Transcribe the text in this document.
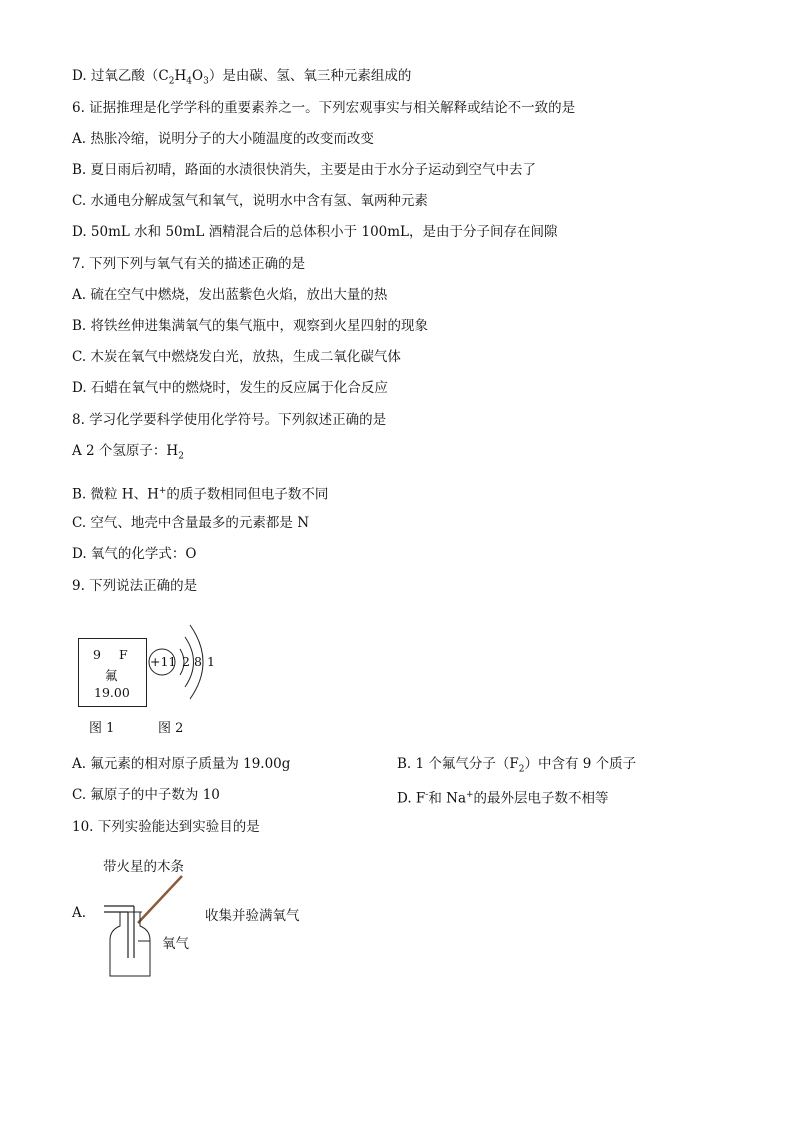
D. 过氧乙酸$(C_2H_4O_3)$是由碳、氢、氧三种元素组成的
6. 证据推理是化学学科的重要素养之一。下列宏观事实与相关解释或结论不一致的是
A. 热胀冷缩，说明分子的大小随温度的改变而改变
B. 夏日雨后初晴，路面的水渍很快消失，主要是由于水分子运动到空气中去了
C. 水通电分解成氢气和氧气，说明水中含有氢、氧两种元素
D. 50mL 水和 50mL 酒精混合后的总体积小于 100mL，是由于分子间存在间隙
7. 下列下列与氧气有关的描述正确的是
A. 硫在空气中燃烧，发出蓝紫色火焰，放出大量的热
B. 将铁丝伸进集满氧气的集气瓶中，观察到火星四射的现象
C. 木炭在氧气中燃烧发白光，放热，生成二氧化碳气体
D. 石蜡在氧气中的燃烧时，发生的反应属于化合反应
8. 学习化学要科学使用化学符号。下列叙述正确的是
A 2 个氢原子：$H_2$
B. 微粒 H、H+的质子数相同但电子数不同
C. 空气、地壳中含量最多的元素都是 N
D. 氧气的化学式：O
9. 下列说法正确的是
9 F
氟
19.00
+11 2 8 1
图 1	图 2
A. 氟元素的相对原子质量为 19.00g	B. 1 个氟气分子$(F_2)$中含有 9 个质子
C. 氟原子的中子数为 10	D. F-和 Na+的最外层电子数不相等
10. 下列实验能达到实验目的是
带火星的木条
A.
氧气
收集并验满氧气
